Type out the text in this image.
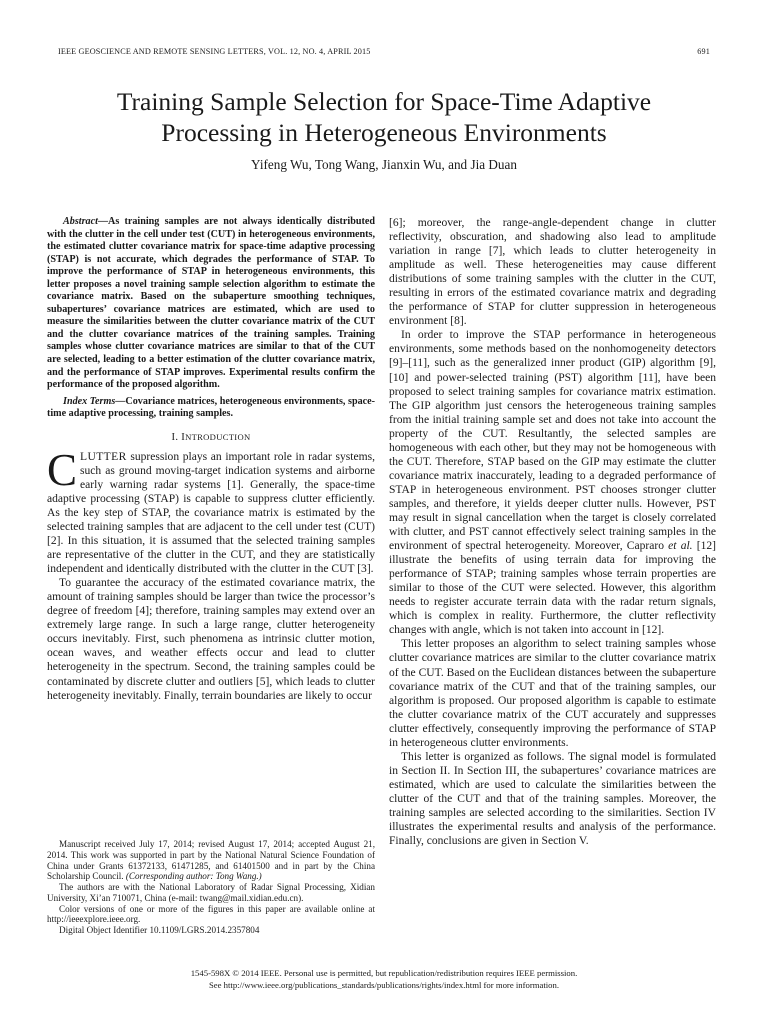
IEEE GEOSCIENCE AND REMOTE SENSING LETTERS, VOL. 12, NO. 4, APRIL 2015	691
Training Sample Selection for Space-Time Adaptive
Processing in Heterogeneous Environments
Yifeng Wu, Tong Wang, Jianxin Wu, and Jia Duan

Abstract—As training samples are not always identically distributed with the clutter in the cell under test (CUT) in heterogeneous environments, the estimated clutter covariance matrix for space-time adaptive processing (STAP) is not accurate, which degrades the performance of STAP. To improve the performance of STAP in heterogeneous environments, this letter proposes a novel training sample selection algorithm to estimate the covariance matrix. Based on the subaperture smoothing techniques, subapertures’ covariance matrices are estimated, which are used to measure the similarities between the clutter covariance matrix of the CUT and the clutter covariance matrices of the training samples. Training samples whose clutter covariance matrices are similar to that of the CUT are selected, leading to a better estimation of the clutter covariance matrix, and the performance of STAP improves. Experimental results confirm the performance of the proposed algorithm.

Index Terms—Covariance matrices, heterogeneous environments, space-time adaptive processing, training samples.

I. INTRODUCTION

CLUTTER supression plays an important role in radar systems, such as ground moving-target indication systems and airborne early warning radar systems [1]. Generally, the space-time adaptive processing (STAP) is capable to suppress clutter efficiently. As the key step of STAP, the covariance matrix is estimated by the selected training samples that are adjacent to the cell under test (CUT) [2]. In this situation, it is assumed that the selected training samples are representative of the clutter in the CUT, and they are statistically independent and identically distributed with the clutter in the CUT [3].

To guarantee the accuracy of the estimated covariance matrix, the amount of training samples should be larger than twice the processor’s degree of freedom [4]; therefore, training samples may extend over an extremely large range. In such a large range, clutter heterogeneity occurs inevitably. First, such phenomena as intrinsic clutter motion, ocean waves, and weather effects occur and lead to clutter heterogeneity in the spectrum. Second, the training samples could be contaminated by discrete clutter and outliers [5], which leads to clutter heterogeneity inevitably. Finally, terrain boundaries are likely to occur

[6]; moreover, the range-angle-dependent change in clutter reflectivity, obscuration, and shadowing also lead to amplitude variation in range [7], which leads to clutter heterogeneity in amplitude as well. These heterogeneities may cause different distributions of some training samples with the clutter in the CUT, resulting in errors of the estimated covariance matrix and degrading the performance of STAP for clutter suppression in heterogeneous environment [8].

In order to improve the STAP performance in heterogeneous environments, some methods based on the nonhomogeneity detectors [9]–[11], such as the generalized inner product (GIP) algorithm [9], [10] and power-selected training (PST) algorithm [11], have been proposed to select training samples for covariance matrix estimation. The GIP algorithm just censors the heterogeneous training samples from the initial training sample set and does not take into account the property of the CUT. Resultantly, the selected samples are homogeneous with each other, but they may not be homogeneous with the CUT. Therefore, STAP based on the GIP may estimate the clutter covariance matrix inaccurately, leading to a degraded performance of STAP in heterogeneous environment. PST chooses stronger clutter samples, and therefore, it yields deeper clutter nulls. However, PST may result in signal cancellation when the target is closely correlated with clutter, and PST cannot effectively select training samples in the environment of spectral heterogeneity. Moreover, Capraro et al. [12] illustrate the benefits of using terrain data for improving the performance of STAP; training samples whose terrain properties are similar to those of the CUT were selected. However, this algorithm needs to register accurate terrain data with the radar return signals, which is complex in reality. Furthermore, the clutter reflectivity changes with angle, which is not taken into account in [12].

This letter proposes an algorithm to select training samples whose clutter covariance matrices are similar to the clutter covariance matrix of the CUT. Based on the Euclidean distances between the subaperture covariance matrix of the CUT and that of the training samples, our algorithm is proposed. Our proposed algorithm is capable to estimate the clutter covariance matrix of the CUT accurately and suppresses clutter effectively, consequently improving the performance of STAP in heterogeneous clutter environments.

This letter is organized as follows. The signal model is formulated in Section II. In Section III, the subapertures’ covariance matrices are estimated, which are used to calculate the similarities between the clutter of the CUT and that of the training samples. Moreover, the training samples are selected according to the similarities. Section IV illustrates the experimental results and analysis of the performance. Finally, conclusions are given in Section V.

Manuscript received July 17, 2014; revised August 17, 2014; accepted August 21, 2014. This work was supported in part by the National Natural Science Foundation of China under Grants 61372133, 61471285, and 61401500 and in part by the China Scholarship Council. (Corresponding author: Tong Wang.)

The authors are with the National Laboratory of Radar Signal Processing, Xidian University, Xi’an 710071, China (e-mail: twang@mail.xidian.edu.cn).

Color versions of one or more of the figures in this paper are available online at http://ieeexplore.ieee.org.

Digital Object Identifier 10.1109/LGRS.2014.2357804

1545-598X © 2014 IEEE. Personal use is permitted, but republication/redistribution requires IEEE permission.
See http://www.ieee.org/publications_standards/publications/rights/index.html for more information.
